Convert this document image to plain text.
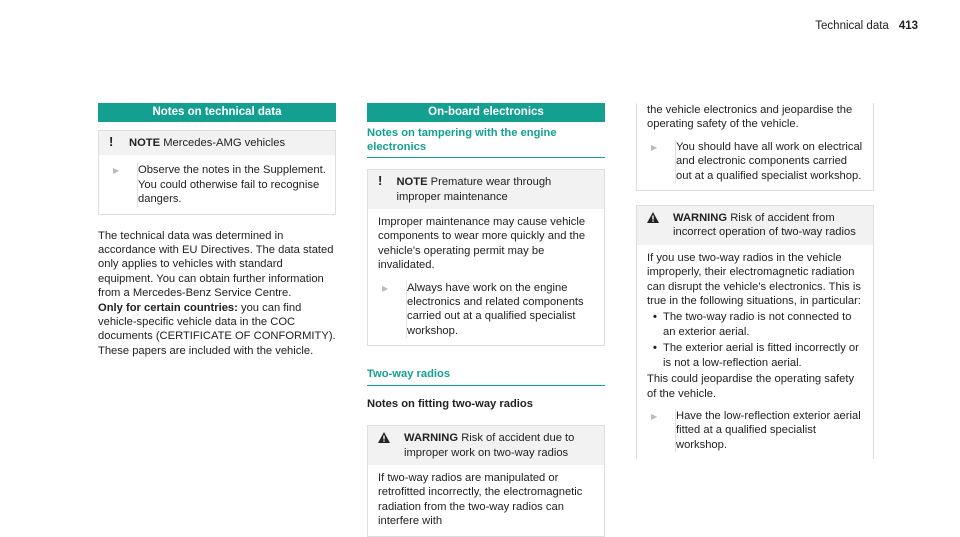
Technical data 413
Notes on technical data
! NOTE Mercedes-AMG vehicles
▶	Observe the notes in the Supplement. You could otherwise fail to recognise dangers.

The technical data was determined in accordance with EU Directives. The data stated only applies to vehicles with standard equipment. You can obtain further information from a Mercedes-Benz Service Centre.

Only for certain countries: you can find vehicle-specific vehicle data in the COC documents (CERTIFICATE OF CONFORMITY). These papers are included with the vehicle.

On-board electronics
Notes on tampering with the engine electronics
! NOTE Premature wear through improper maintenance

Improper maintenance may cause vehicle components to wear more quickly and the vehicle's operating permit may be invalidated.

▶	Always have work on the engine electronics and related components carried out at a qualified specialist workshop.
Two-way radios
Notes on fitting two-way radios
WARNING Risk of accident due to improper work on two-way radios

If two-way radios are manipulated or retrofitted incorrectly, the electromagnetic radiation from the two-way radios can interfere with

the vehicle electronics and jeopardise the operating safety of the vehicle.

▶	You should have all work on electrical and electronic components carried out at a qualified specialist workshop.
WARNING Risk of accident from incorrect operation of two-way radios

If you use two-way radios in the vehicle improperly, their electromagnetic radiation can disrupt the vehicle's electronics. This is true in the following situations, in particular:

• The two-way radio is not connected to an exterior aerial.
• The exterior aerial is fitted incorrectly or is not a low-reflection aerial.

This could jeopardise the operating safety of the vehicle.

▶	Have the low-reflection exterior aerial fitted at a qualified specialist workshop.
